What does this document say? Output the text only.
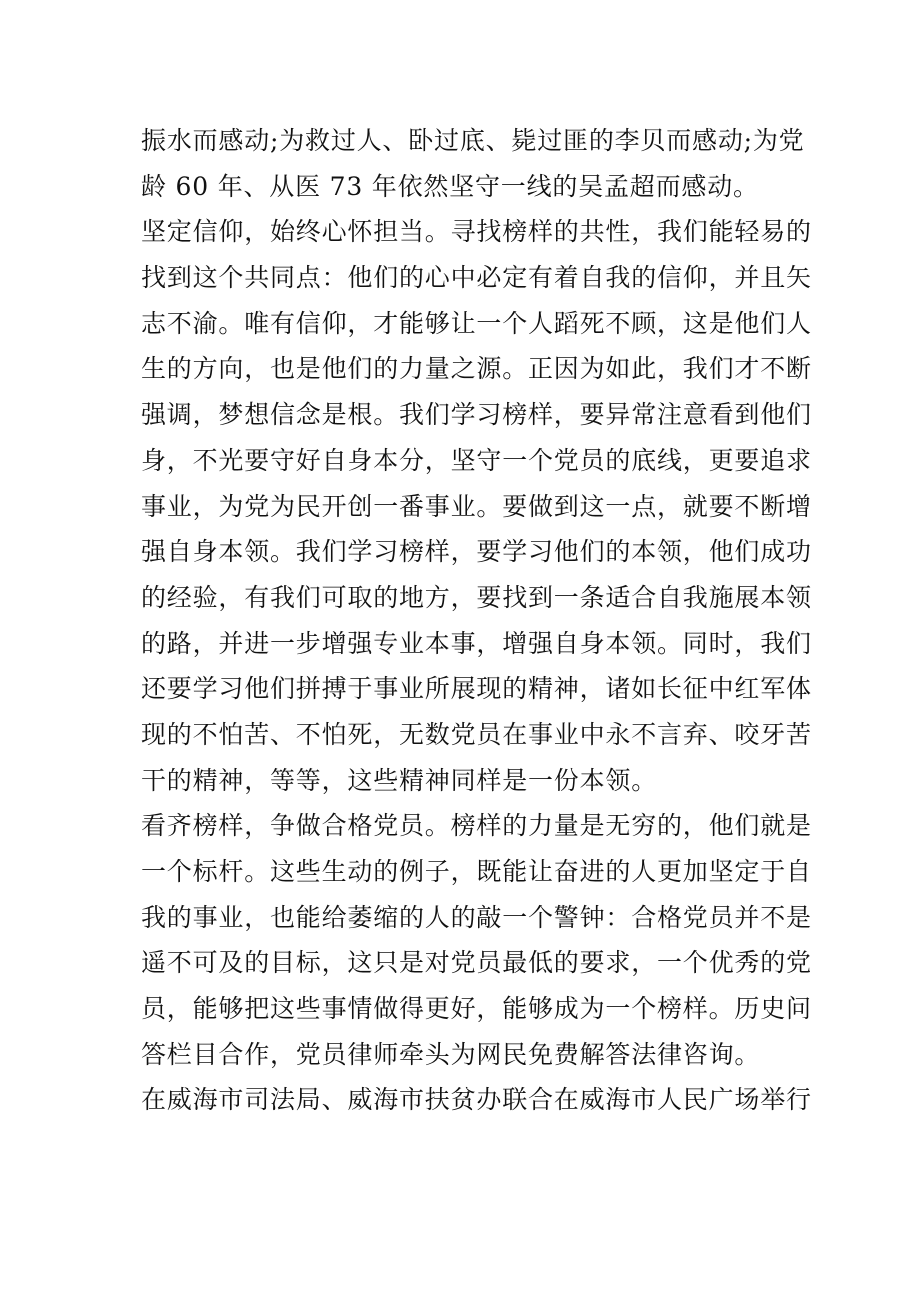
振水而感动;为救过人、卧过底、毙过匪的李贝而感动;为党
龄 60 年、从医 73 年依然坚守一线的吴孟超而感动。
坚定信仰，始终心怀担当。寻找榜样的共性，我们能轻易的
找到这个共同点：他们的心中必定有着自我的信仰，并且矢
志不渝。唯有信仰，才能够让一个人蹈死不顾，这是他们人
生的方向，也是他们的力量之源。正因为如此，我们才不断
强调，梦想信念是根。我们学习榜样，要异常注意看到他们
身，不光要守好自身本分，坚守一个党员的底线，更要追求
事业，为党为民开创一番事业。要做到这一点，就要不断增
强自身本领。我们学习榜样，要学习他们的本领，他们成功
的经验，有我们可取的地方，要找到一条适合自我施展本领
的路，并进一步增强专业本事，增强自身本领。同时，我们
还要学习他们拼搏于事业所展现的精神，诸如长征中红军体
现的不怕苦、不怕死，无数党员在事业中永不言弃、咬牙苦
干的精神，等等，这些精神同样是一份本领。
看齐榜样，争做合格党员。榜样的力量是无穷的，他们就是
一个标杆。这些生动的例子，既能让奋进的人更加坚定于自
我的事业，也能给萎缩的人的敲一个警钟：合格党员并不是
遥不可及的目标，这只是对党员最低的要求，一个优秀的党
员，能够把这些事情做得更好，能够成为一个榜样。历史问
答栏目合作，党员律师牵头为网民免费解答法律咨询。
在威海市司法局、威海市扶贫办联合在威海市人民广场举行
